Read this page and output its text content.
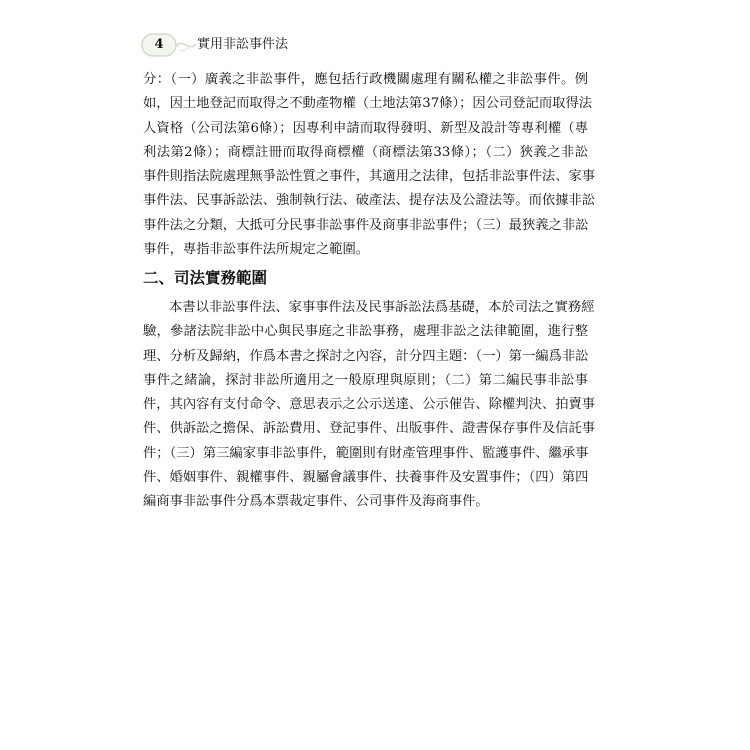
4	實用非訟事件法
分：（一）廣義之非訟事件，應包括行政機關處理有關私權之非訟事件。例
如，因土地登記而取得之不動產物權（土地法第37條）；因公司登記而取得法
人資格（公司法第6條）；因專利申請而取得發明、新型及設計等專利權（專
利法第2條）；商標註冊而取得商標權（商標法第33條）；（二）狹義之非訟
事件則指法院處理無爭訟性質之事件，其適用之法律，包括非訟事件法、家事
事件法、民事訴訟法、強制執行法、破產法、提存法及公證法等。而依據非訟
事件法之分類，大抵可分民事非訟事件及商事非訟事件；（三）最狹義之非訟
事件，專指非訟事件法所規定之範圍。
二、司法實務範圍
本書以非訟事件法、家事事件法及民事訴訟法爲基礎，本於司法之實務經
驗，參諸法院非訟中心與民事庭之非訟事務，處理非訟之法律範圍，進行整
理、分析及歸納，作爲本書之探討之內容，計分四主題：（一）第一編爲非訟
事件之緒論，探討非訟所適用之一般原理與原則；（二）第二編民事非訟事
件，其內容有支付命令、意思表示之公示送達、公示催告、除權判決、拍賣事
件、供訴訟之擔保、訴訟費用、登記事件、出版事件、證書保存事件及信託事
件；（三）第三編家事非訟事件，範圍則有財產管理事件、監護事件、繼承事
件、婚姻事件、親權事件、親屬會議事件、扶養事件及安置事件；（四）第四
編商事非訟事件分爲本票裁定事件、公司事件及海商事件。
